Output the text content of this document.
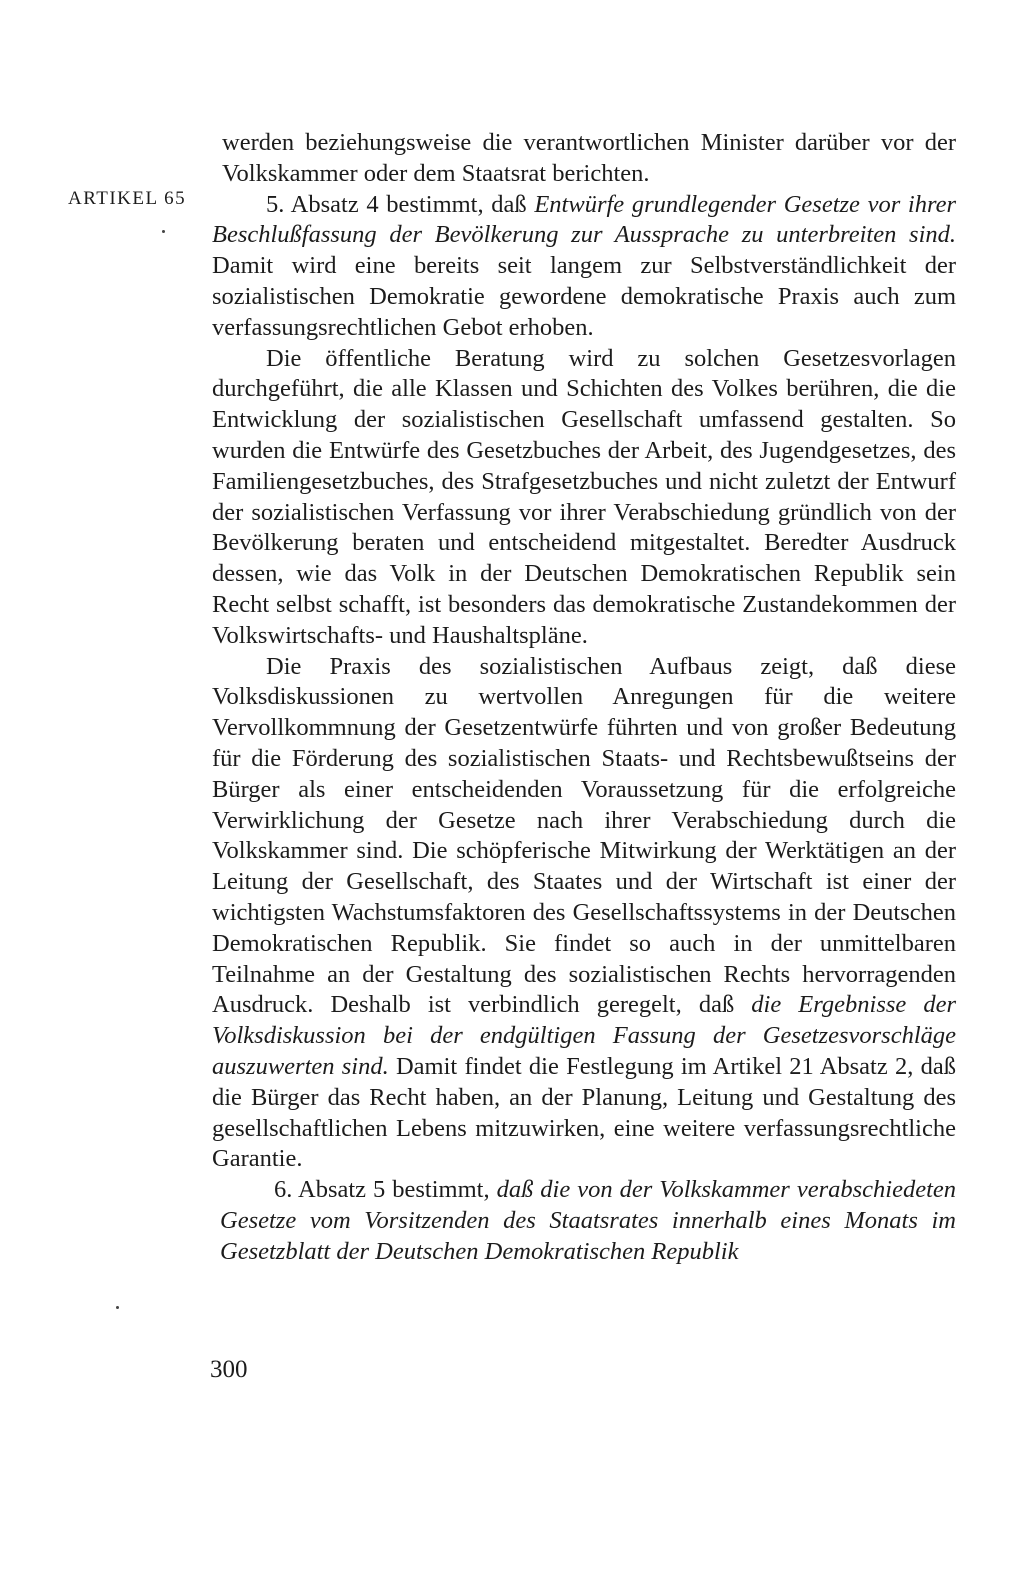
ARTIKEL 65

werden beziehungsweise die verantwortlichen Minister darüber vor der Volkskammer oder dem Staatsrat berichten.

5. Absatz 4 bestimmt, daß Entwürfe grundlegender Gesetze vor ihrer Beschlußfassung der Bevölkerung zur Aussprache zu unterbreiten sind. Damit wird eine bereits seit langem zur Selbstverständlichkeit der sozialistischen Demokratie gewordene demokratische Praxis auch zum verfassungsrechtlichen Gebot erhoben.

Die öffentliche Beratung wird zu solchen Gesetzesvorlagen durchgeführt, die alle Klassen und Schichten des Volkes berühren, die die Entwicklung der sozialistischen Gesellschaft umfassend gestalten. So wurden die Entwürfe des Gesetzbuches der Arbeit, des Jugendgesetzes, des Familiengesetzbuches, des Strafgesetzbuches und nicht zuletzt der Entwurf der sozialistischen Verfassung vor ihrer Verabschiedung gründlich von der Bevölkerung beraten und entscheidend mitgestaltet. Beredter Ausdruck dessen, wie das Volk in der Deutschen Demokratischen Republik sein Recht selbst schafft, ist besonders das demokratische Zustandekommen der Volkswirtschafts- und Haushaltspläne.

Die Praxis des sozialistischen Aufbaus zeigt, daß diese Volksdiskussionen zu wertvollen Anregungen für die weitere Vervollkommnung der Gesetzentwürfe führten und von großer Bedeutung für die Förderung des sozialistischen Staats- und Rechtsbewußtseins der Bürger als einer entscheidenden Voraussetzung für die erfolgreiche Verwirklichung der Gesetze nach ihrer Verabschiedung durch die Volkskammer sind. Die schöpferische Mitwirkung der Werktätigen an der Leitung der Gesellschaft, des Staates und der Wirtschaft ist einer der wichtigsten Wachstumsfaktoren des Gesellschaftssystems in der Deutschen Demokratischen Republik. Sie findet so auch in der unmittelbaren Teilnahme an der Gestaltung des sozialistischen Rechts hervorragenden Ausdruck. Deshalb ist verbindlich geregelt, daß die Ergebnisse der Volksdiskussion bei der endgültigen Fassung der Gesetzesvorschläge auszuwerten sind. Damit findet die Festlegung im Artikel 21 Absatz 2, daß die Bürger das Recht haben, an der Planung, Leitung und Gestaltung des gesellschaftlichen Lebens mitzuwirken, eine weitere verfassungsrechtliche Garantie.

6. Absatz 5 bestimmt, daß die von der Volkskammer verabschiedeten Gesetze vom Vorsitzenden des Staatsrates innerhalb eines Monats im Gesetzblatt der Deutschen Demokratischen Republik

300
